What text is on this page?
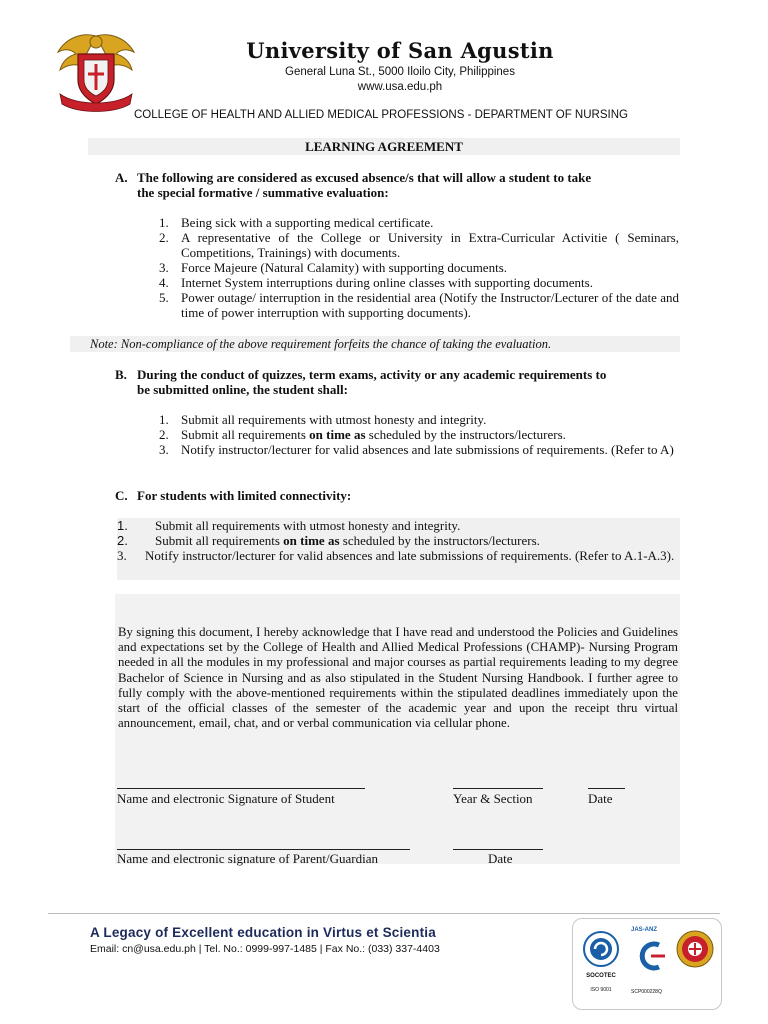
University of San Agustin
General Luna St., 5000 Iloilo City, Philippines
www.usa.edu.ph
COLLEGE OF HEALTH AND ALLIED MEDICAL PROFESSIONS - DEPARTMENT OF NURSING
LEARNING AGREEMENT
A. The following are considered as excused absence/s that will allow a student to take
the special formative / summative evaluation:
1. Being sick with a supporting medical certificate.
2. A representative of the College or University in Extra-Curricular Activitie ( Seminars, Competitions, Trainings) with documents.
3. Force Majeure (Natural Calamity) with supporting documents.
4. Internet System interruptions during online classes with supporting documents.
5. Power outage/ interruption in the residential area (Notify the Instructor/Lecturer of the date and time of power interruption with supporting documents).
Note: Non-compliance of the above requirement forfeits the chance of taking the evaluation.
B. During the conduct of quizzes, term exams, activity or any academic requirements to
be submitted online, the student shall:
1. Submit all requirements with utmost honesty and integrity.
2. Submit all requirements on time as scheduled by the instructors/lecturers.
3. Notify instructor/lecturer for valid absences and late submissions of requirements. (Refer to A)
C. For students with limited connectivity:
1. Submit all requirements with utmost honesty and integrity.
2. Submit all requirements on time as scheduled by the instructors/lecturers.
3. Notify instructor/lecturer for valid absences and late submissions of requirements. (Refer to A.1-A.3).
By signing this document, I hereby acknowledge that I have read and understood the Policies and Guidelines and expectations set by the College of Health and Allied Medical Professions (CHAMP)- Nursing Program needed in all the modules in my professional and major courses as partial requirements leading to my degree Bachelor of Science in Nursing and as also stipulated in the Student Nursing Handbook. I further agree to fully comply with the above-mentioned requirements within the stipulated deadlines immediately upon the start of the official classes of the semester of the academic year and upon the receipt thru virtual announcement, email, chat, and or verbal communication via cellular phone.
Name and electronic Signature of Student	Year & Section	Date
Name and electronic signature of Parent/Guardian	Date
A Legacy of Excellent education in Virtus et Scientia
Email: cn@usa.edu.ph | Tel. No.: 0999-997-1485 | Fax No.: (033) 337-4403
SOCOTEC
ISO 9001
JAS-ANZ
SCP000228Q
